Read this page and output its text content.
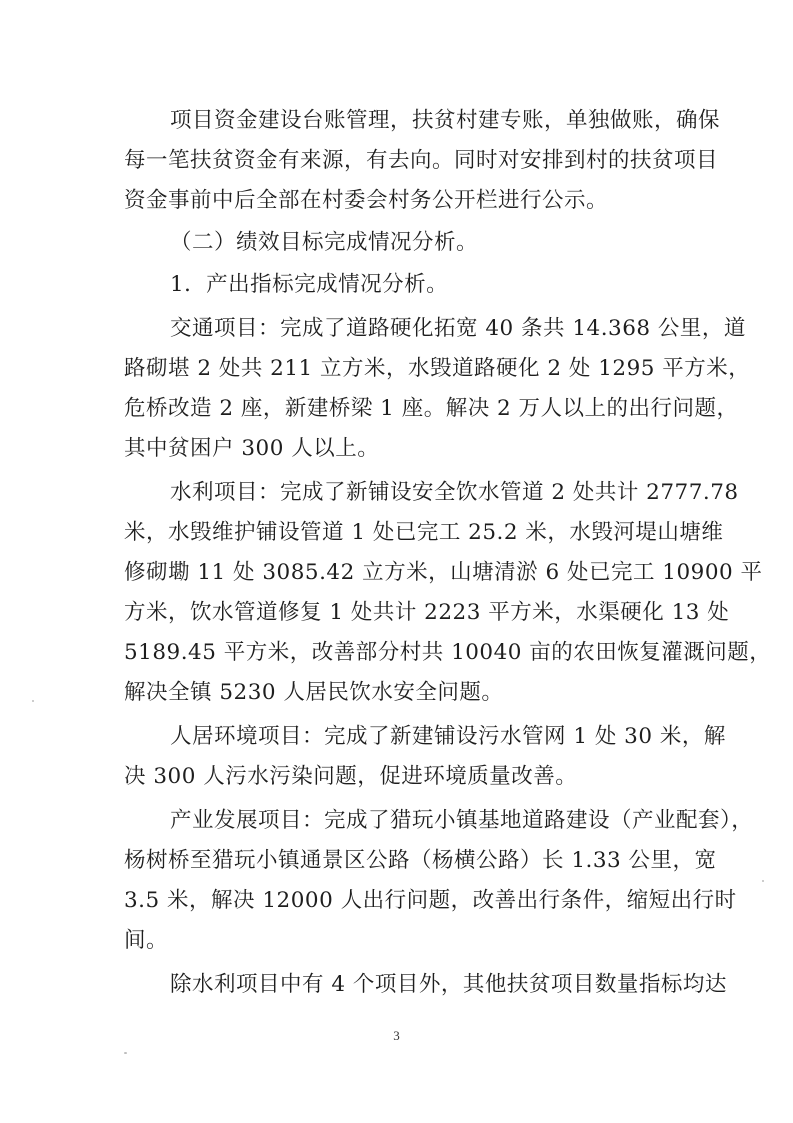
项目资金建设台账管理，扶贫村建专账，单独做账，确保
每一笔扶贫资金有来源，有去向。同时对安排到村的扶贫项目
资金事前中后全部在村委会村务公开栏进行公示。
（二）绩效目标完成情况分析。
1．产出指标完成情况分析。
交通项目：完成了道路硬化拓宽 40 条共 14.368 公里，道
路砌堪 2 处共 211 立方米，水毁道路硬化 2 处 1295 平方米，
危桥改造 2 座，新建桥梁 1 座。解决 2 万人以上的出行问题，
其中贫困户 300 人以上。
水利项目：完成了新铺设安全饮水管道 2 处共计 2777.78
米，水毁维护铺设管道 1 处已完工 25.2 米，水毁河堤山塘维
修砌墈 11 处 3085.42 立方米，山塘清淤 6 处已完工 10900 平
方米，饮水管道修复 1 处共计 2223 平方米，水渠硬化 13 处
5189.45 平方米，改善部分村共 10040 亩的农田恢复灌溉问题，
解决全镇 5230 人居民饮水安全问题。
人居环境项目：完成了新建铺设污水管网 1 处 30 米，解
决 300 人污水污染问题，促进环境质量改善。
产业发展项目：完成了猎玩小镇基地道路建设（产业配套），
杨树桥至猎玩小镇通景区公路（杨横公路）长 1.33 公里，宽
3.5 米，解决 12000 人出行问题，改善出行条件，缩短出行时
间。
除水利项目中有 4 个项目外，其他扶贫项目数量指标均达
3
